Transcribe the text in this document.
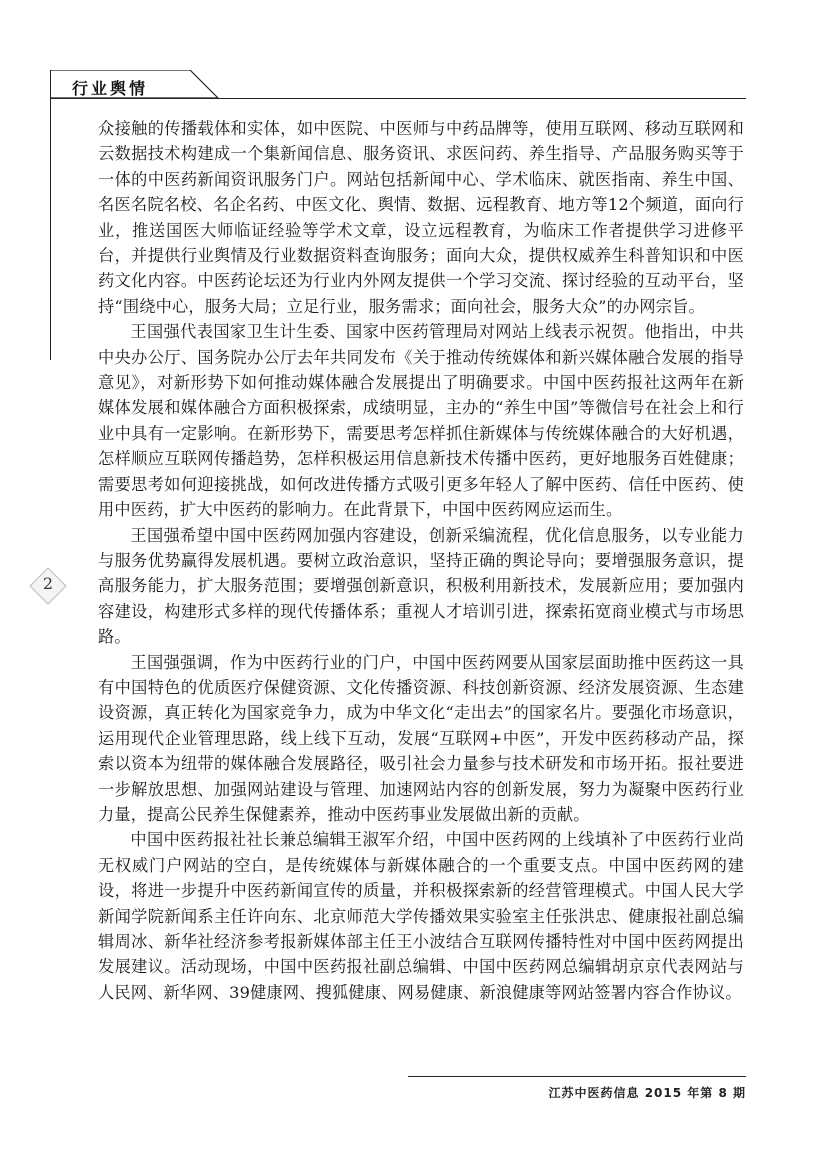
行业舆情
2

众接触的传播载体和实体，如中医院、中医师与中药品牌等，使用互联网、移动互联网和云数据技术构建成一个集新闻信息、服务资讯、求医问药、养生指导、产品服务购买等于一体的中医药新闻资讯服务门户。网站包括新闻中心、学术临床、就医指南、养生中国、名医名院名校、名企名药、中医文化、舆情、数据、远程教育、地方等12个频道，面向行业，推送国医大师临证经验等学术文章，设立远程教育，为临床工作者提供学习进修平台，并提供行业舆情及行业数据资料查询服务；面向大众，提供权威养生科普知识和中医药文化内容。中医药论坛还为行业内外网友提供一个学习交流、探讨经验的互动平台，坚持“围绕中心，服务大局；立足行业，服务需求；面向社会，服务大众”的办网宗旨。

王国强代表国家卫生计生委、国家中医药管理局对网站上线表示祝贺。他指出，中共中央办公厅、国务院办公厅去年共同发布《关于推动传统媒体和新兴媒体融合发展的指导意见》，对新形势下如何推动媒体融合发展提出了明确要求。中国中医药报社这两年在新媒体发展和媒体融合方面积极探索，成绩明显，主办的“养生中国”等微信号在社会上和行业中具有一定影响。在新形势下，需要思考怎样抓住新媒体与传统媒体融合的大好机遇，怎样顺应互联网传播趋势，怎样积极运用信息新技术传播中医药，更好地服务百姓健康；需要思考如何迎接挑战，如何改进传播方式吸引更多年轻人了解中医药、信任中医药、使用中医药，扩大中医药的影响力。在此背景下，中国中医药网应运而生。

王国强希望中国中医药网加强内容建设，创新采编流程，优化信息服务，以专业能力与服务优势赢得发展机遇。要树立政治意识，坚持正确的舆论导向；要增强服务意识，提高服务能力，扩大服务范围；要增强创新意识，积极利用新技术，发展新应用；要加强内容建设，构建形式多样的现代传播体系；重视人才培训引进，探索拓宽商业模式与市场思路。

王国强强调，作为中医药行业的门户，中国中医药网要从国家层面助推中医药这一具有中国特色的优质医疗保健资源、文化传播资源、科技创新资源、经济发展资源、生态建设资源，真正转化为国家竞争力，成为中华文化“走出去”的国家名片。要强化市场意识，运用现代企业管理思路，线上线下互动，发展“互联网+中医”，开发中医药移动产品，探索以资本为纽带的媒体融合发展路径，吸引社会力量参与技术研发和市场开拓。报社要进一步解放思想、加强网站建设与管理、加速网站内容的创新发展，努力为凝聚中医药行业力量，提高公民养生保健素养，推动中医药事业发展做出新的贡献。

中国中医药报社社长兼总编辑王淑军介绍，中国中医药网的上线填补了中医药行业尚无权威门户网站的空白，是传统媒体与新媒体融合的一个重要支点。中国中医药网的建设，将进一步提升中医药新闻宣传的质量，并积极探索新的经营管理模式。中国人民大学新闻学院新闻系主任许向东、北京师范大学传播效果实验室主任张洪忠、健康报社副总编辑周冰、新华社经济参考报新媒体部主任王小波结合互联网传播特性对中国中医药网提出发展建议。活动现场，中国中医药报社副总编辑、中国中医药网总编辑胡京京代表网站与人民网、新华网、39健康网、搜狐健康、网易健康、新浪健康等网站签署内容合作协议。

江苏中医药信息 2015 年第 8 期
